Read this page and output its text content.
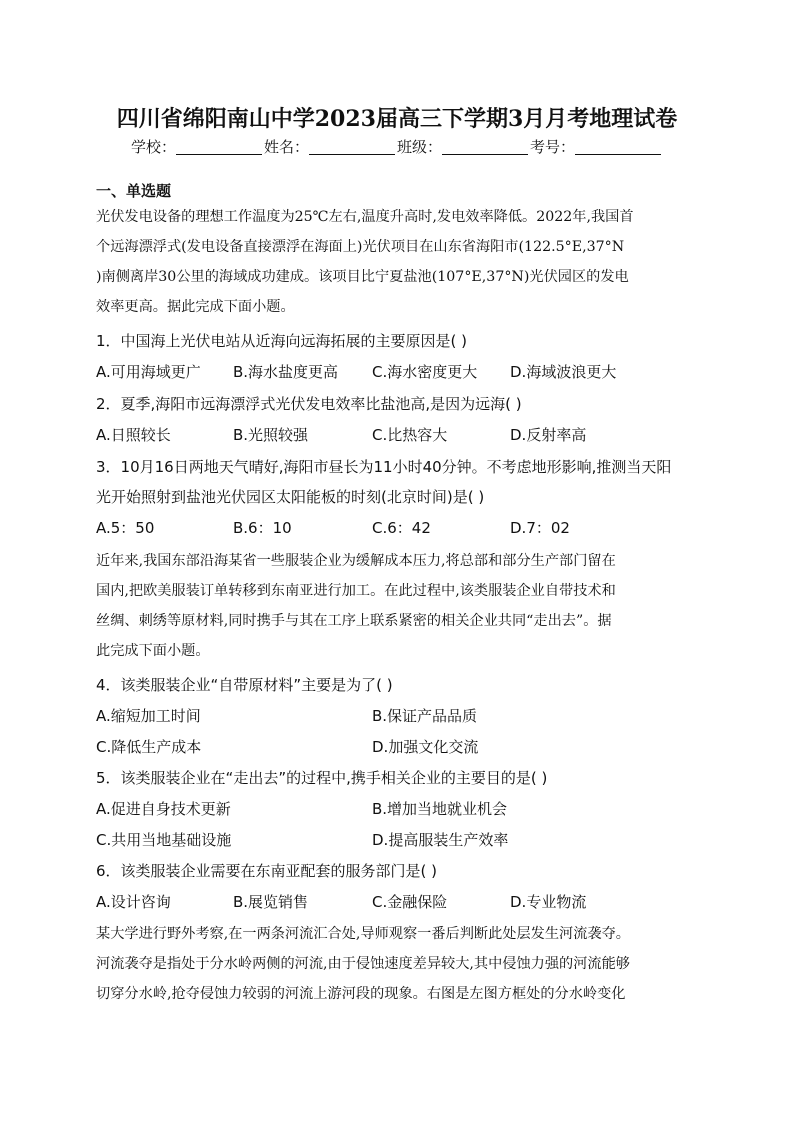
四川省绵阳南山中学2023届高三下学期3月月考地理试卷
学校：	姓名：	班级：	考号：
一、单选题
光伏发电设备的理想工作温度为25℃左右,温度升高时,发电效率降低。2022年,我国首
个远海漂浮式(发电设备直接漂浮在海面上)光伏项目在山东省海阳市(122.5°E,37°N
)南侧离岸30公里的海域成功建成。该项目比宁夏盐池(107°E,37°N)光伏园区的发电
效率更高。据此完成下面小题。
1．中国海上光伏电站从近海向远海拓展的主要原因是( )
A.可用海域更广 B.海水盐度更高 C.海水密度更大 D.海域波浪更大
2．夏季,海阳市远海漂浮式光伏发电效率比盐池高,是因为远海( )
A.日照较长	B.光照较强	C.比热容大	D.反射率高
3．10月16日两地天气晴好,海阳市昼长为11小时40分钟。不考虑地形影响,推测当天阳
光开始照射到盐池光伏园区太阳能板的时刻(北京时间)是( )
A.5：50	B.6：10	C.6：42	D.7：02
近年来,我国东部沿海某省一些服装企业为缓解成本压力,将总部和部分生产部门留在
国内,把欧美服装订单转移到东南亚进行加工。在此过程中,该类服装企业自带技术和
丝绸、刺绣等原材料,同时携手与其在工序上联系紧密的相关企业共同“走出去”。据
此完成下面小题。
4．该类服装企业“自带原材料”主要是为了( )
A.缩短加工时间	B.保证产品品质
C.降低生产成本	D.加强文化交流
5．该类服装企业在“走出去”的过程中,携手相关企业的主要目的是( )
A.促进自身技术更新	B.增加当地就业机会
C.共用当地基础设施	D.提高服装生产效率
6．该类服装企业需要在东南亚配套的服务部门是( )
A.设计咨询	B.展览销售	C.金融保险	D.专业物流
某大学进行野外考察,在一两条河流汇合处,导师观察一番后判断此处层发生河流袭夺。
河流袭夺是指处于分水岭两侧的河流,由于侵蚀速度差异较大,其中侵蚀力强的河流能够
切穿分水岭,抢夺侵蚀力较弱的河流上游河段的现象。右图是左图方框处的分水岭变化
